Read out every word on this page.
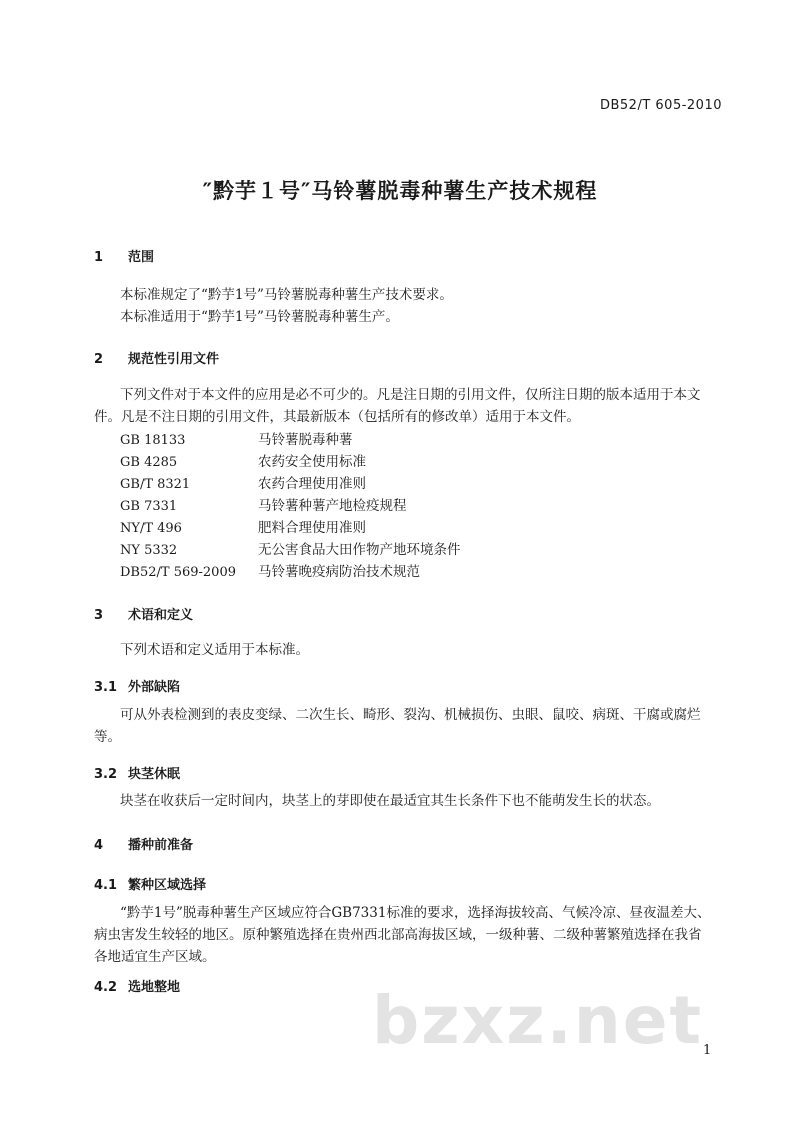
DB52/T 605-2010
″黔芋１号″马铃薯脱毒种薯生产技术规程
1 范围
本标准规定了“黔芋1号”马铃薯脱毒种薯生产技术要求。
本标准适用于“黔芋1号”马铃薯脱毒种薯生产。
2 规范性引用文件
下列文件对于本文件的应用是必不可少的。凡是注日期的引用文件，仅所注日期的版本适用于本文
件。凡是不注日期的引用文件，其最新版本（包括所有的修改单）适用于本文件。
GB 18133	马铃薯脱毒种薯
GB 4285	农药安全使用标准
GB/T 8321	农药合理使用准则
GB 7331	马铃薯种薯产地检疫规程
NY/T 496	肥料合理使用准则
NY 5332	无公害食品大田作物产地环境条件
DB52/T 569-2009 马铃薯晚疫病防治技术规范
3 术语和定义
下列术语和定义适用于本标准。
3.1 外部缺陷
可从外表检测到的表皮变绿、二次生长、畸形、裂沟、机械损伤、虫眼、鼠咬、病斑、干腐或腐烂
等。
3.2 块茎休眠
块茎在收获后一定时间内，块茎上的芽即使在最适宜其生长条件下也不能萌发生长的状态。
4 播种前准备
4.1 繁种区域选择
“黔芋1号”脱毒种薯生产区域应符合GB7331标准的要求，选择海拔较高、气候冷凉、昼夜温差大、
病虫害发生较轻的地区。原种繁殖选择在贵州西北部高海拔区域，一级种薯、二级种薯繁殖选择在我省
各地适宜生产区域。
4.2 选地整地	bzxz.net 1
